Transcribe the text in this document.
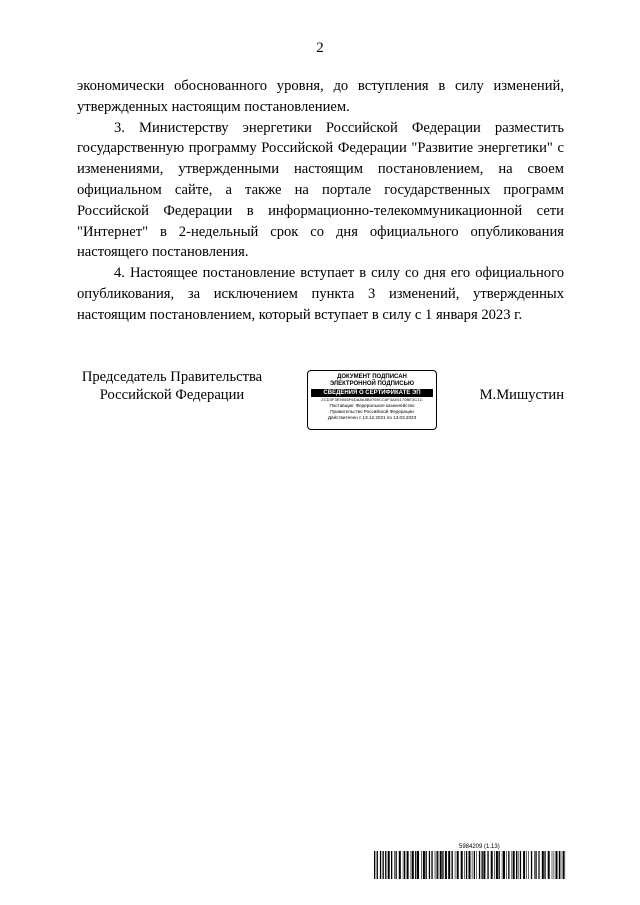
2

экономически обоснованного уровня, до вступления в силу изменений, утвержденных настоящим постановлением.

3. Министерству энергетики Российской Федерации разместить государственную программу Российской Федерации "Развитие энергетики" с изменениями, утвержденными настоящим постановлением, на своем официальном сайте, а также на портале государственных программ Российской Федерации в информационно-телекоммуникационной сети "Интернет" в 2-недельный срок со дня официального опубликования настоящего постановления.

4. Настоящее постановление вступает в силу со дня его официального опубликования, за исключением пункта 3 изменений, утвержденных настоящим постановлением, который вступает в силу с 1 января 2023 г.

Председатель Правительства
Российской Федерации
ДОКУМЕНТ ПОДПИСАН
ЭЛЕКТРОННОЙ ПОДПИСЬЮ
СВЕДЕНИЯ О СЕРТИФИКАТЕ ЭП
2CD3F3E9083F6DA8A8B0769CC6F3A05170BE3C1C
Поставщик: Федеральное казначейство
Правительство Российской Федерации
Действителен с 13.12.2021 по 13.03.2023
М.Мишустин
5984209 (1.13)
